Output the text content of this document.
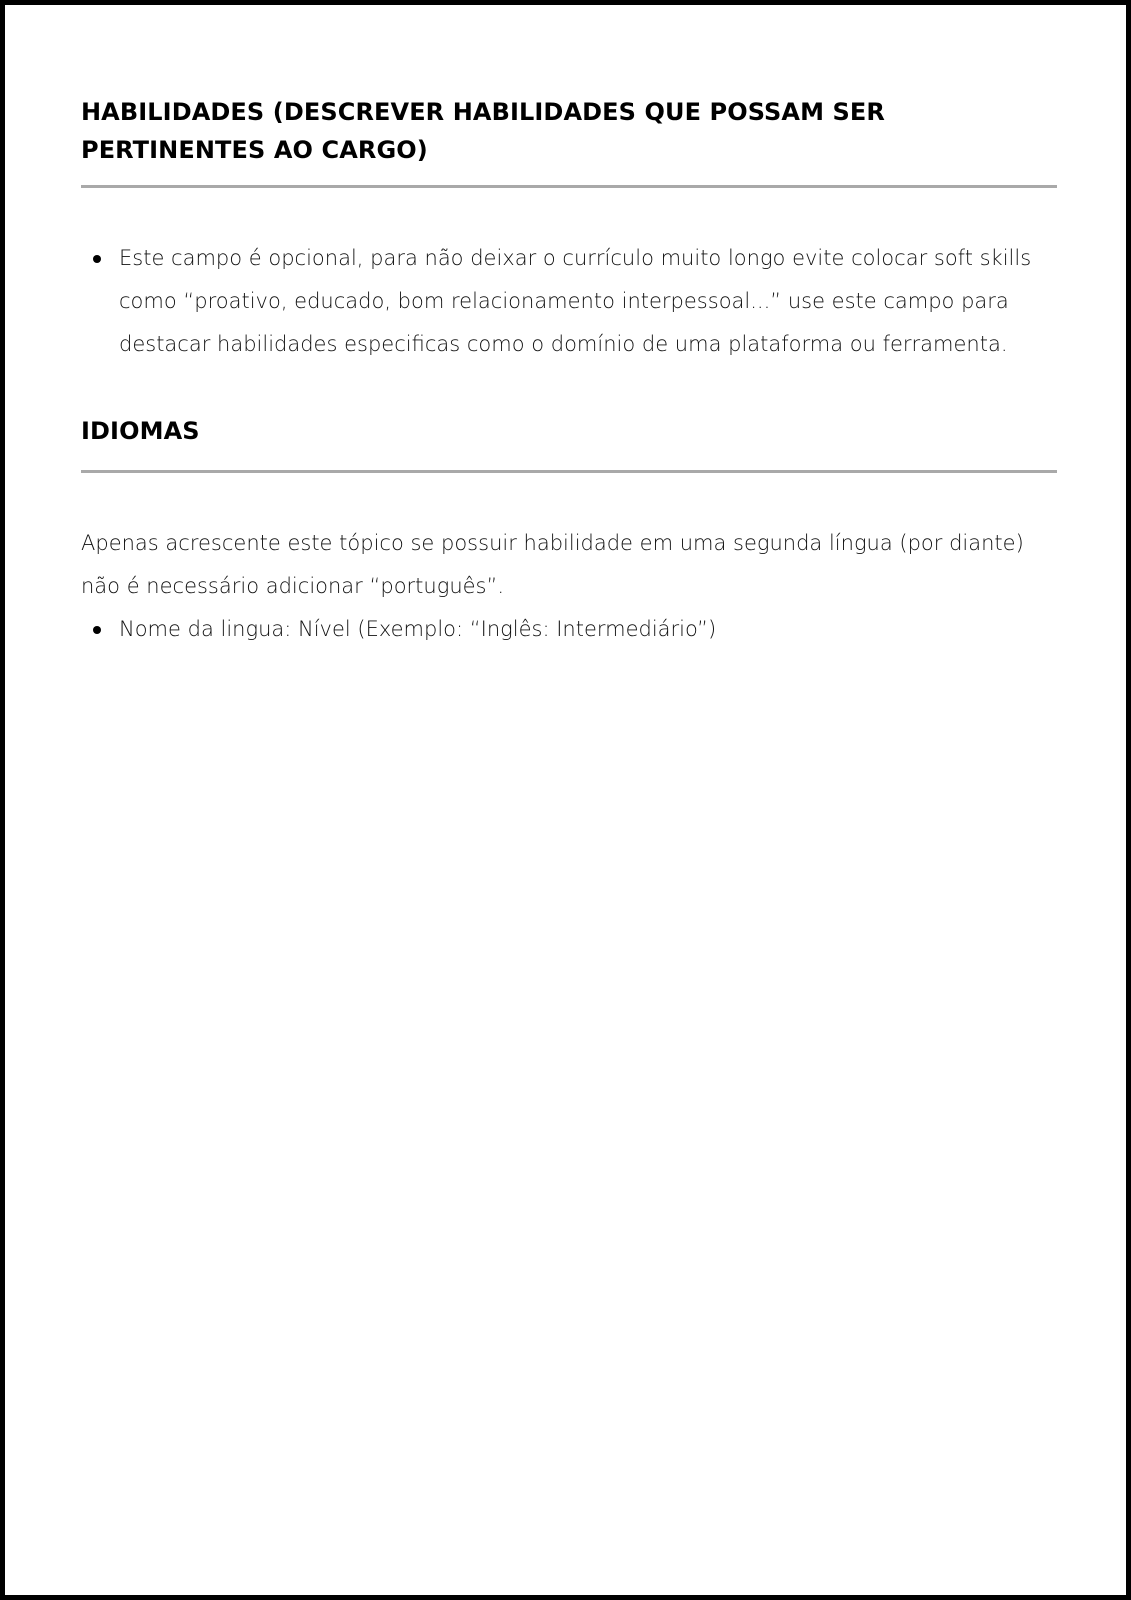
HABILIDADES (DESCREVER HABILIDADES QUE POSSAM SER PERTINENTES AO CARGO)
Este campo é opcional, para não deixar o currículo muito longo evite colocar soft skills como “proativo, educado, bom relacionamento interpessoal...” use este campo para destacar habilidades especificas como o domínio de uma plataforma ou ferramenta.
IDIOMAS

Apenas acrescente este tópico se possuir habilidade em uma segunda língua (por diante) não é necessário adicionar “português”.

Nome da lingua: Nível (Exemplo: “Inglês: Intermediário”)
